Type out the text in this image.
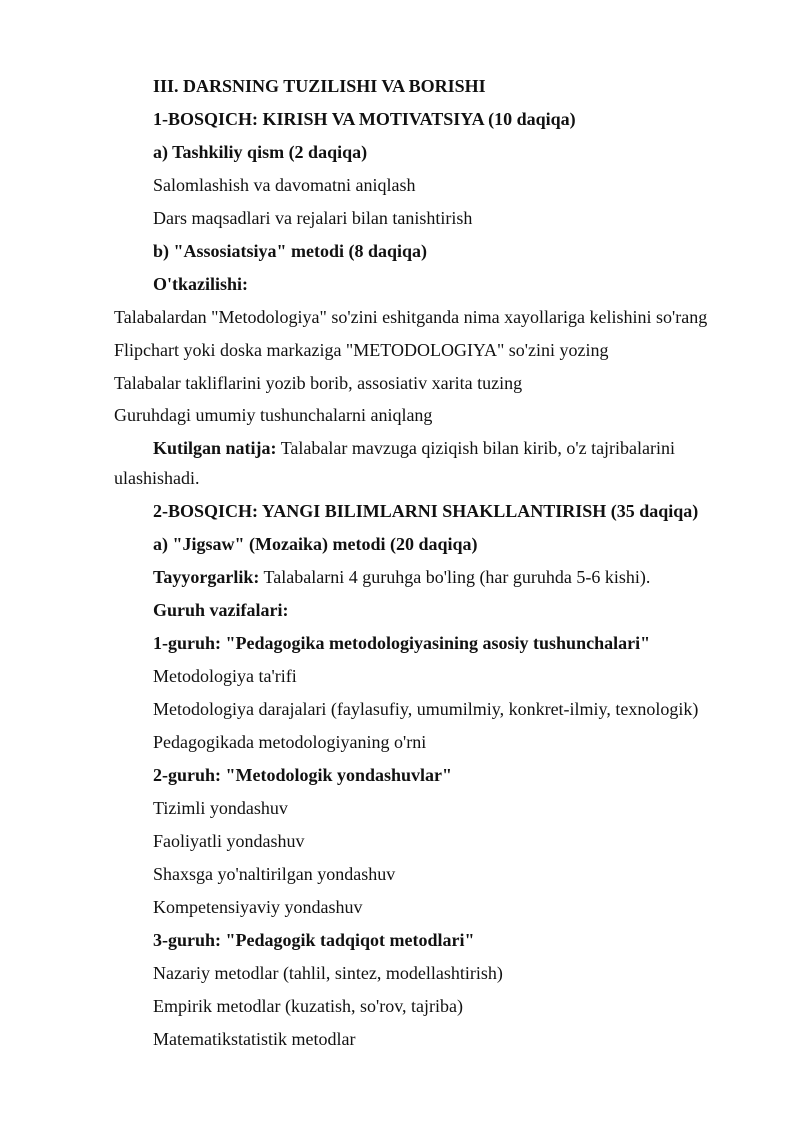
III. DARSNING TUZILISHI VA BORISHI
1-BOSQICH: KIRISH VA MOTIVATSIYA (10 daqiqa)
a) Tashkiliy qism (2 daqiqa)
Salomlashish va davomatni aniqlash
Dars maqsadlari va rejalari bilan tanishtirish
b) "Assosiatsiya" metodi (8 daqiqa)
O'tkazilishi:
Talabalardan "Metodologiya" so'zini eshitganda nima xayollariga kelishini so'rang
Flipchart yoki doska markaziga "METODOLOGIYA" so'zini yozing
Talabalar takliflarini yozib borib, assosiativ xarita tuzing
Guruhdagi umumiy tushunchalarni aniqlang
Kutilgan natija: Talabalar mavzuga qiziqish bilan kirib, o'z tajribalarini
ulashishadi.
2-BOSQICH: YANGI BILIMLARNI SHAKLLANTIRISH (35 daqiqa)
a) "Jigsaw" (Mozaika) metodi (20 daqiqa)
Tayyorgarlik: Talabalarni 4 guruhga bo'ling (har guruhda 5-6 kishi).
Guruh vazifalari:
1-guruh: "Pedagogika metodologiyasining asosiy tushunchalari"
Metodologiya ta'rifi
Metodologiya darajalari (faylasufiy, umumilmiy, konkret-ilmiy, texnologik)
Pedagogikada metodologiyaning o'rni
2-guruh: "Metodologik yondashuvlar"
Tizimli yondashuv
Faoliyatli yondashuv
Shaxsga yo'naltirilgan yondashuv
Kompetensiyaviy yondashuv
3-guruh: "Pedagogik tadqiqot metodlari"
Nazariy metodlar (tahlil, sintez, modellashtirish)
Empirik metodlar (kuzatish, so'rov, tajriba)
Matematikstatistik metodlar
